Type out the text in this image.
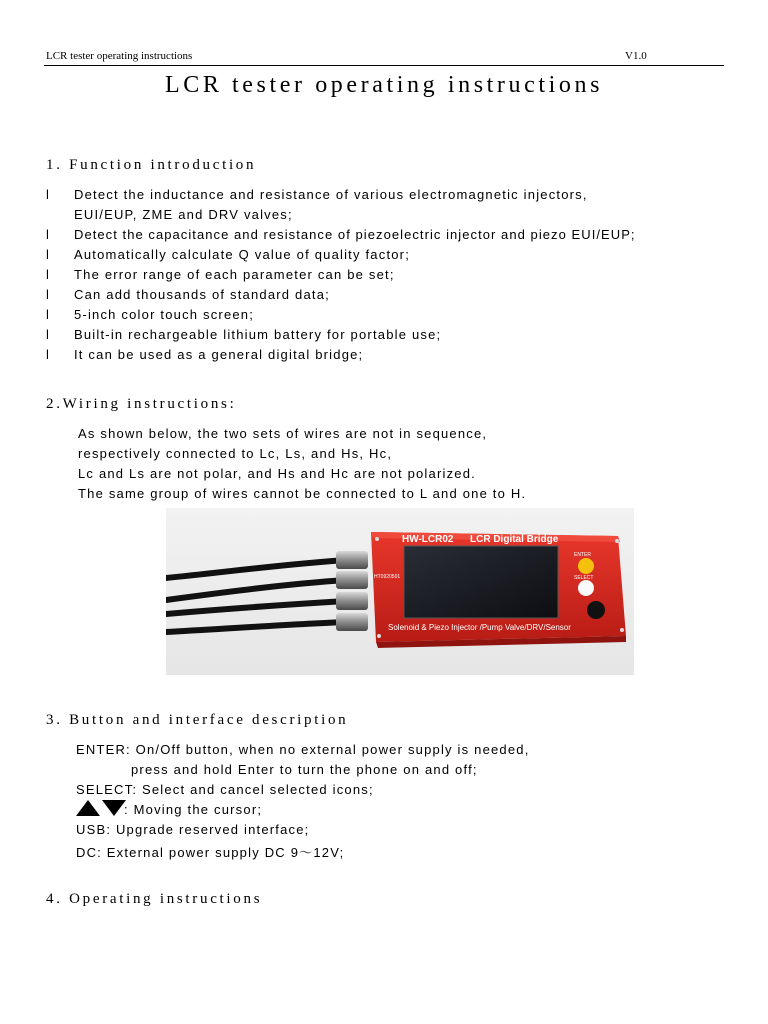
LCR tester operating instructions	V1.0
LCR tester operating instructions
1. Function introduction
l Detect the inductance and resistance of various electromagnetic injectors,
EUI/EUP, ZME and DRV valves;
l Detect the capacitance and resistance of piezoelectric injector and piezo EUI/EUP;
l Automatically calculate Q value of quality factor;
l The error range of each parameter can be set;
l Can add thousands of standard data;
l 5-inch color touch screen;
l Built-in rechargeable lithium battery for portable use;
l It can be used as a general digital bridge;
2.Wiring instructions:
As shown below, the two sets of wires are not in sequence,
respectively connected to Lc, Ls, and Hs, Hc,
Lc and Ls are not polar, and Hs and Hc are not polarized.
The same group of wires cannot be connected to L and one to H.
HW-LCR02 LCR Digital Bridge
ENTER
SELECT
HT0920501
Solenoid & Piezo Injector /Pump Valve/DRV/Sensor
3. Button and interface description
ENTER: On/Off button, when no external power supply is needed,
press and hold Enter to turn the phone on and off;
SELECT: Select and cancel selected icons;
: Moving the cursor;
USB: Upgrade reserved interface;
DC: External power supply DC 9～12V;
4. Operating instructions
